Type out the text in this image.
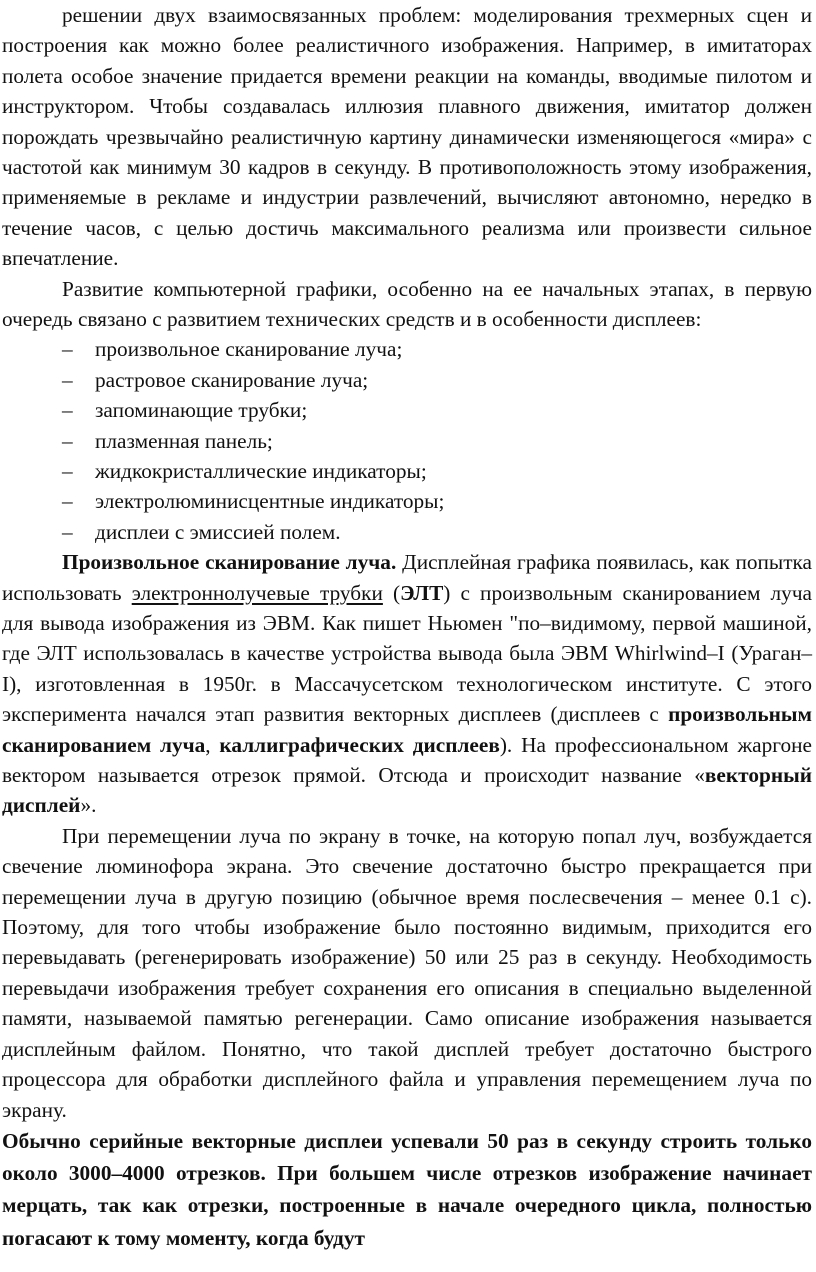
решении двух взаимосвязанных проблем: моделирования трехмерных сцен и построения как можно более реалистичного изображения. Например, в имитаторах полета особое значение придается времени реакции на команды, вводимые пилотом и инструктором. Чтобы создавалась иллюзия плавного движения, имитатор должен порождать чрезвычайно реалистичную картину динамически изменяющегося «мира» с частотой как минимум 30 кадров в секунду. В противоположность этому изображения, применяемые в рекламе и индустрии развлечений, вычисляют автономно, нередко в течение часов, с целью достичь максимального реализма или произвести сильное впечатление.

Развитие компьютерной графики, особенно на ее начальных этапах, в первую очередь связано с развитием технических средств и в особенности дисплеев:

– произвольное сканирование луча;
– растровое сканирование луча;
– запоминающие трубки;
– плазменная панель;
– жидкокристаллические индикаторы;
– электролюминисцентные индикаторы;
– дисплеи с эмиссией полем.

Произвольное сканирование луча. Дисплейная графика появилась, как попытка использовать электроннолучевые трубки (ЭЛТ) с произвольным сканированием луча для вывода изображения из ЭВМ. Как пишет Ньюмен "по–видимому, первой машиной, где ЭЛТ использовалась в качестве устройства вывода была ЭВМ Whirlwind–I (Ураган–I), изготовленная в 1950г. в Массачусетском технологическом институте. С этого эксперимента начался этап развития векторных дисплеев (дисплеев с произвольным сканированием луча, каллиграфических дисплеев). На профессиональном жаргоне вектором называется отрезок прямой. Отсюда и происходит название «векторный дисплей».

При перемещении луча по экрану в точке, на которую попал луч, возбуждается свечение люминофора экрана. Это свечение достаточно быстро прекращается при перемещении луча в другую позицию (обычное время послесвечения – менее 0.1 с). Поэтому, для того чтобы изображение было постоянно видимым, приходится его перевыдавать (регенерировать изображение) 50 или 25 раз в секунду. Необходимость перевыдачи изображения требует сохранения его описания в специально выделенной памяти, называемой памятью регенерации. Само описание изображения называется дисплейным файлом. Понятно, что такой дисплей требует достаточно быстрого процессора для обработки дисплейного файла и управления перемещением луча по экрану.

Обычно серийные векторные дисплеи успевали 50 раз в секунду строить только около 3000–4000 отрезков. При большем числе отрезков изображение начинает мерцать, так как отрезки, построенные в начале очередного цикла, полностью погасают к тому моменту, когда будут
